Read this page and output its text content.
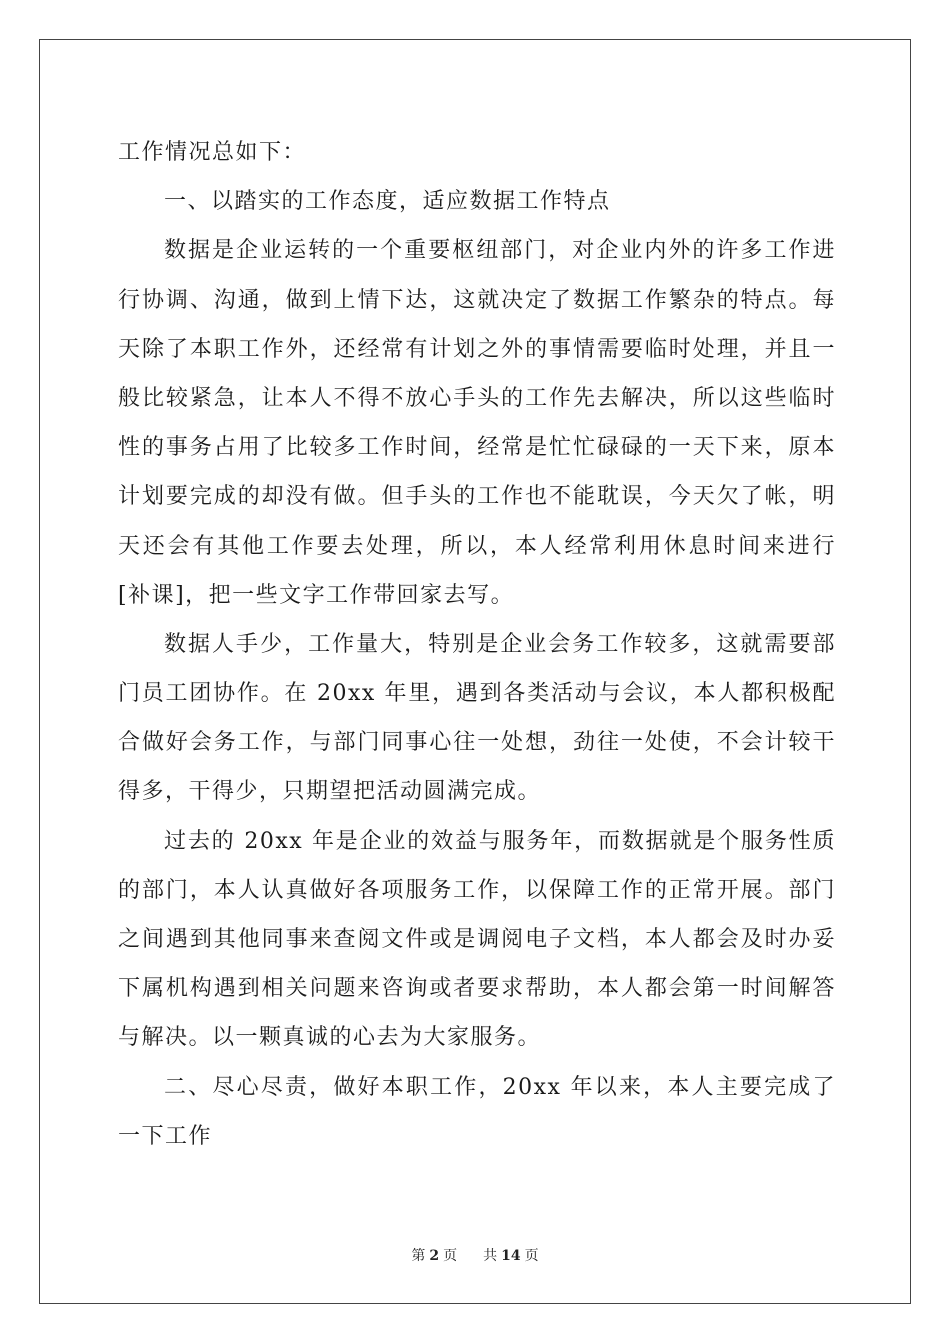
工作情况总如下：
一、以踏实的工作态度，适应数据工作特点
数据是企业运转的一个重要枢纽部门，对企业内外的许多工作进
行协调、沟通，做到上情下达，这就决定了数据工作繁杂的特点。每
天除了本职工作外，还经常有计划之外的事情需要临时处理，并且一
般比较紧急，让本人不得不放心手头的工作先去解决，所以这些临时
性的事务占用了比较多工作时间，经常是忙忙碌碌的一天下来，原本
计划要完成的却没有做。但手头的工作也不能耽误，今天欠了帐，明
天还会有其他工作要去处理，所以，本人经常利用休息时间来进行
[补课]，把一些文字工作带回家去写。
数据人手少，工作量大，特别是企业会务工作较多，这就需要部
门员工团协作。在 20xx 年里，遇到各类活动与会议，本人都积极配
合做好会务工作，与部门同事心往一处想，劲往一处使，不会计较干
得多，干得少，只期望把活动圆满完成。
过去的 20xx 年是企业的效益与服务年，而数据就是个服务性质
的部门，本人认真做好各项服务工作，以保障工作的正常开展。部门
之间遇到其他同事来查阅文件或是调阅电子文档，本人都会及时办妥
下属机构遇到相关问题来咨询或者要求帮助，本人都会第一时间解答
与解决。以一颗真诚的心去为大家服务。
二、尽心尽责，做好本职工作，20xx 年以来，本人主要完成了
一下工作
第 2 页 共 14 页
